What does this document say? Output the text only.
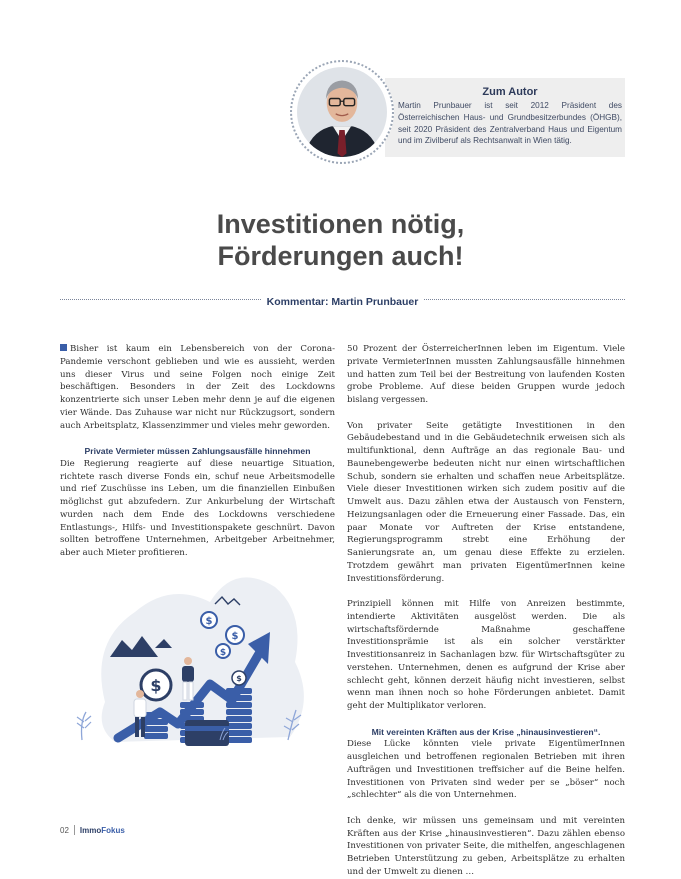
Zum Autor
Martin Prunbauer ist seit 2012 Präsident des Österreichischen Haus- und Grundbesitzerbundes (ÖHGB), seit 2020 Präsident des Zentralverband Haus und Eigentum und im Zivilberuf als Rechtsanwalt in Wien tätig.
Investitionen nötig,
Förderungen auch!
Kommentar: Martin Prunbauer

Bisher ist kaum ein Lebensbereich von der Corona-Pandemie verschont geblieben und wie es aussieht, werden uns dieser Virus und seine Folgen noch einige Zeit beschäftigen. Besonders in der Zeit des Lockdowns konzentrierte sich unser Leben mehr denn je auf die eigenen vier Wände. Das Zuhause war nicht nur Rückzugsort, sondern auch Arbeitsplatz, Klassenzimmer und vieles mehr geworden.

Private Vermieter müssen Zahlungsausfälle hinnehmen

Die Regierung reagierte auf diese neuartige Situation, richtete rasch diverse Fonds ein, schuf neue Arbeitsmodelle und rief Zuschüsse ins Leben, um die finanziellen Einbußen möglichst gut abzufedern. Zur Ankurbelung der Wirtschaft wurden nach dem Ende des Lockdowns verschiedene Entlastungs-, Hilfs- und Investitionspakete geschnürt. Davon sollten betroffene Unternehmen, Arbeitgeber Arbeitnehmer, aber auch Mieter profitieren.

$
$
$
$
$

50 Prozent der ÖsterreicherInnen leben im Eigentum. Viele private VermieterInnen mussten Zahlungsausfälle hinnehmen und hatten zum Teil bei der Bestreitung von laufenden Kosten grobe Probleme. Auf diese beiden Gruppen wurde jedoch bislang vergessen.

Von privater Seite getätigte Investitionen in den Gebäudebestand und in die Gebäudetechnik erweisen sich als multifunktional, denn Aufträge an das regionale Bau- und Baunebengewerbe bedeuten nicht nur einen wirtschaftlichen Schub, sondern sie erhalten und schaffen neue Arbeitsplätze. Viele dieser Investitionen wirken sich zudem positiv auf die Umwelt aus. Dazu zählen etwa der Austausch von Fenstern, Heizungsanlagen oder die Erneuerung einer Fassade. Das, ein paar Monate vor Auftreten der Krise entstandene, Regierungsprogramm strebt eine Erhöhung der Sanierungsrate an, um genau diese Effekte zu erzielen. Trotzdem gewährt man privaten EigentümerInnen keine Investitionsförderung.

Prinzipiell können mit Hilfe von Anreizen bestimmte, intendierte Aktivitäten ausgelöst werden. Die als wirtschaftsfördernde Maßnahme geschaffene Investitionsprämie ist als ein solcher verstärkter Investitionsanreiz in Sachanlagen bzw. für Wirtschaftsgüter zu verstehen. Unternehmen, denen es aufgrund der Krise aber schlecht geht, können derzeit häufig nicht investieren, selbst wenn man ihnen noch so hohe Förderungen anbietet. Damit geht der Multiplikator verloren.

Mit vereinten Kräften aus der Krise „hinausinvestieren“.

Diese Lücke könnten viele private EigentümerInnen ausgleichen und betroffenen regionalen Betrieben mit ihren Aufträgen und Investitionen treffsicher auf die Beine helfen. Investitionen von Privaten sind weder per se „böser“ noch „schlechter“ als die von Unternehmen.

Ich denke, wir müssen uns gemeinsam und mit vereinten Kräften aus der Krise „hinausinvestieren“. Dazu zählen ebenso Investitionen von privater Seite, die mithelfen, angeschlagenen Betrieben Unterstützung zu geben, Arbeitsplätze zu erhalten und der Umwelt zu dienen …

02 ImmoFokus
